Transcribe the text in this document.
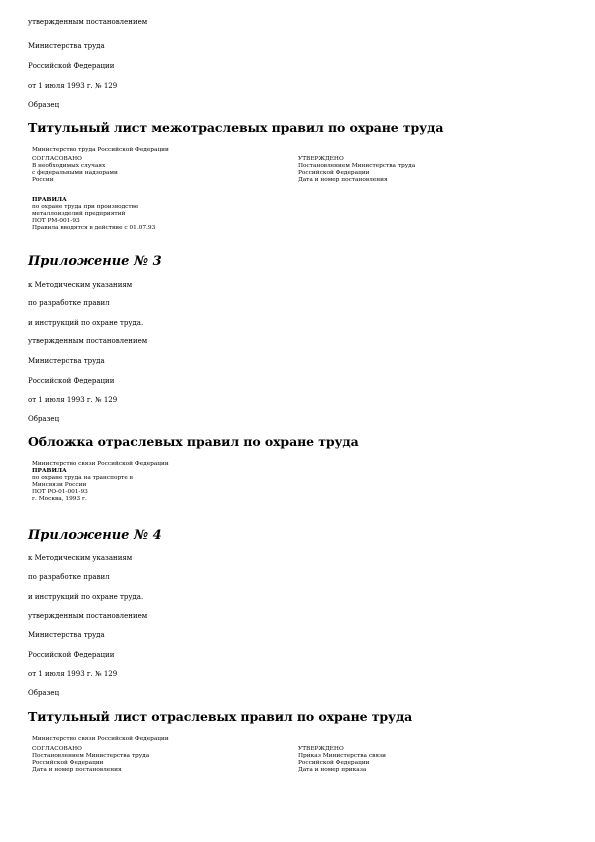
утвержденным постановлением
Министерства труда
Российской Федерации
от 1 июля 1993 г. № 129
Образец
Титульный лист межотраслевых правил по охране труда
Министерство труда Российской Федерации
СОГЛАСОВАНО
В необходимых случаях
с федеральными надзорами
России
УТВЕРЖДЕНО
Постановлением Министерства труда
Российской Федерации
Дата и номер постановления
ПРАВИЛА
по охране труда при производстве
металлоизделий предприятий
ПОТ РМ-001-93
Правила вводятся в действие с 01.07.93
Приложение № 3
к Методическим указаниям
по разработке правил
и инструкций по охране труда.
утвержденным постановлением
Министерства труда
Российской Федерации
от 1 июля 1993 г. № 129
Образец
Обложка отраслевых правил по охране труда
Министерство связи Российской Федерации
ПРАВИЛА
по охране труда на транспорте в
Минсвязи России
ПОТ РО-01-001-93
г. Москва, 1993 г.
Приложение № 4
к Методическим указаниям
по разработке правил
и инструкций по охране труда.
утвержденным постановлением
Министерства труда
Российской Федерации
от 1 июля 1993 г. № 129
Образец
Титульный лист отраслевых правил по охране труда
Министерство связи Российской Федерации
СОГЛАСОВАНО
Постановлением Министерства труда
Российской Федерации
Дата и номер постановления
УТВЕРЖДЕНО
Приказ Министерства связи
Российской Федерации
Дата и номер приказа
